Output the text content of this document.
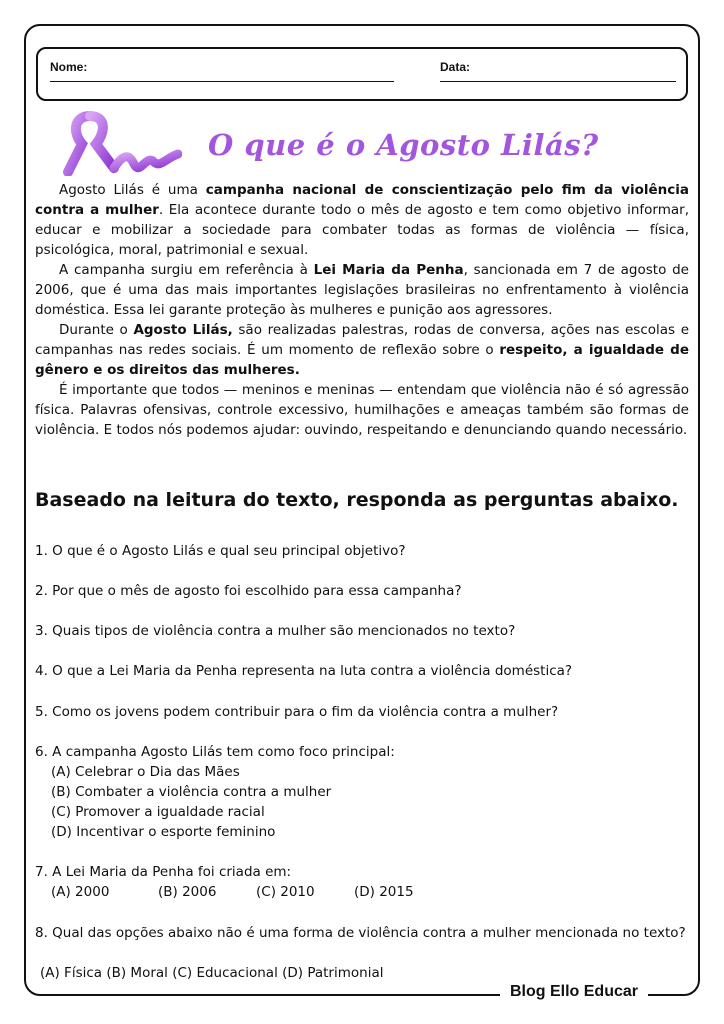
Blog Ello Educar
Nome:	Data:
O que é o Agosto Lilás?

Agosto Lilás é uma campanha nacional de conscientização pelo fim da violência contra a mulher. Ela acontece durante todo o mês de agosto e tem como objetivo informar, educar e mobilizar a sociedade para combater todas as formas de violência — física, psicológica, moral, patrimonial e sexual.

A campanha surgiu em referência à Lei Maria da Penha, sancionada em 7 de agosto de 2006, que é uma das mais importantes legislações brasileiras no enfrentamento à violência doméstica. Essa lei garante proteção às mulheres e punição aos agressores.

Durante o Agosto Lilás, são realizadas palestras, rodas de conversa, ações nas escolas e campanhas nas redes sociais. É um momento de reflexão sobre o respeito, a igualdade de gênero e os direitos das mulheres.

É importante que todos — meninos e meninas — entendam que violência não é só agressão física. Palavras ofensivas, controle excessivo, humilhações e ameaças também são formas de violência. E todos nós podemos ajudar: ouvindo, respeitando e denunciando quando necessário.

Baseado na leitura do texto, responda as perguntas abaixo.

1. O que é o Agosto Lilás e qual seu principal objetivo?

2. Por que o mês de agosto foi escolhido para essa campanha?

3. Quais tipos de violência contra a mulher são mencionados no texto?

4. O que a Lei Maria da Penha representa na luta contra a violência doméstica?

5. Como os jovens podem contribuir para o fim da violência contra a mulher?

6. A campanha Agosto Lilás tem como foco principal:

(A) Celebrar o Dia das Mães

(B) Combater a violência contra a mulher

(C) Promover a igualdade racial

(D) Incentivar o esporte feminino

7. A Lei Maria da Penha foi criada em:

(A) 2000	(B) 2006	(C) 2010	(D) 2015

8. Qual das opções abaixo não é uma forma de violência contra a mulher mencionada no texto?

(A) Física (B) Moral (C) Educacional (D) Patrimonial
